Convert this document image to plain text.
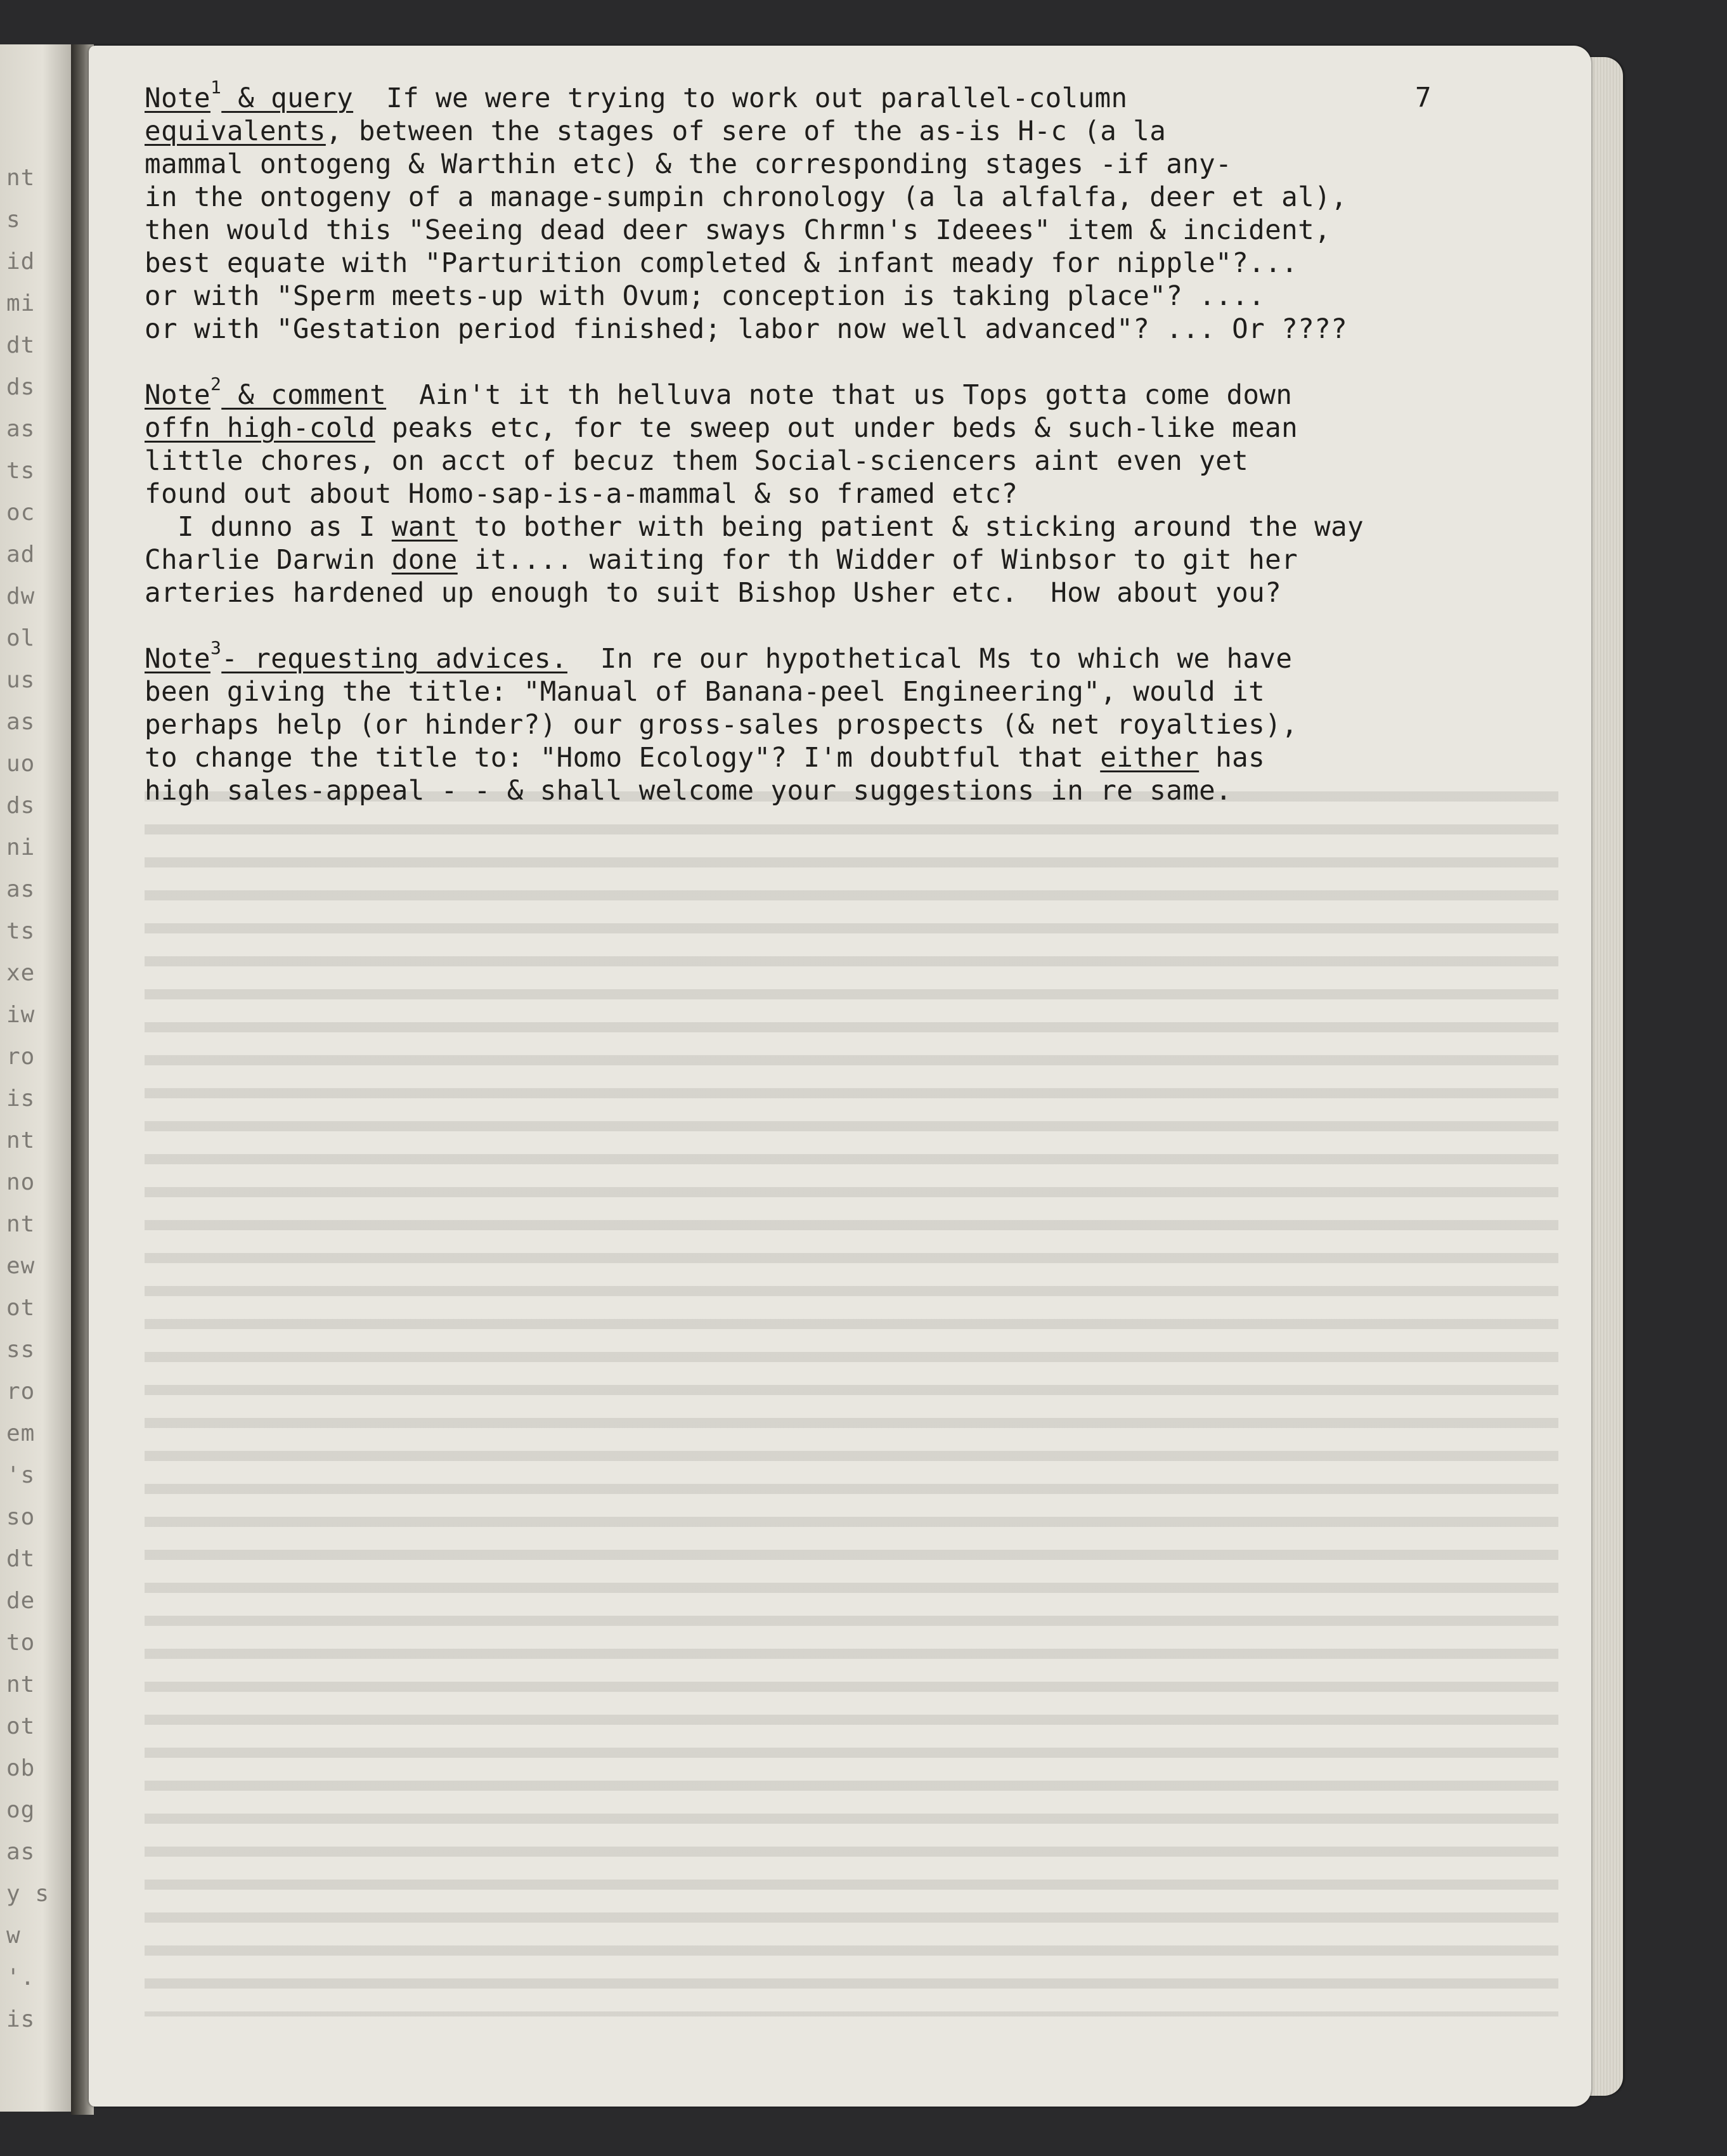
nt
s
id
mi
dt
ds
as
ts
oc
ad
dw
ol
us
as
uo
ds
ni
as
ts
xe
iw
ro
is
nt
no
nt
ew
ot
ss
ro
em
's
so
dt
de
to
nt
ot
ob
og
as
y s
w
'.
is
7
Note$^1$ & query  If we were trying to work out parallel-column
equivalents, between the stages of sere of the as-is H-c (a la
mammal ontogeng & Warthin etc) & the corresponding stages -if any-
in the ontogeny of a manage-sumpin chronology (a la alfalfa, deer et al),
then would this "Seeing dead deer sways Chrmn's Ideees" item & incident,
best equate with "Parturition completed & infant meady for nipple"?...
or with "Sperm meets-up with Ovum; conception is taking place"? ....
or with "Gestation period finished; labor now well advanced"? ... Or ????
Note$^2$ & comment  Ain't it th helluva note that us Tops gotta come down
offn high-cold peaks etc, for te sweep out under beds & such-like mean
little chores, on acct of becuz them Social-sciencers aint even yet
found out about Homo-sap-is-a-mammal & so framed etc?
I dunno as I want to bother with being patient & sticking around the way
Charlie Darwin done it.... waiting for th Widder of Winbsor to git her
arteries hardened up enough to suit Bishop Usher etc.  How about you?
Note$^3$- requesting advices.  In re our hypothetical Ms to which we have
been giving the title: "Manual of Banana-peel Engineering", would it
perhaps help (or hinder?) our gross-sales prospects (& net royalties),
to change the title to: "Homo Ecology"? I'm doubtful that either has
high sales-appeal - - & shall welcome your suggestions in re same.
